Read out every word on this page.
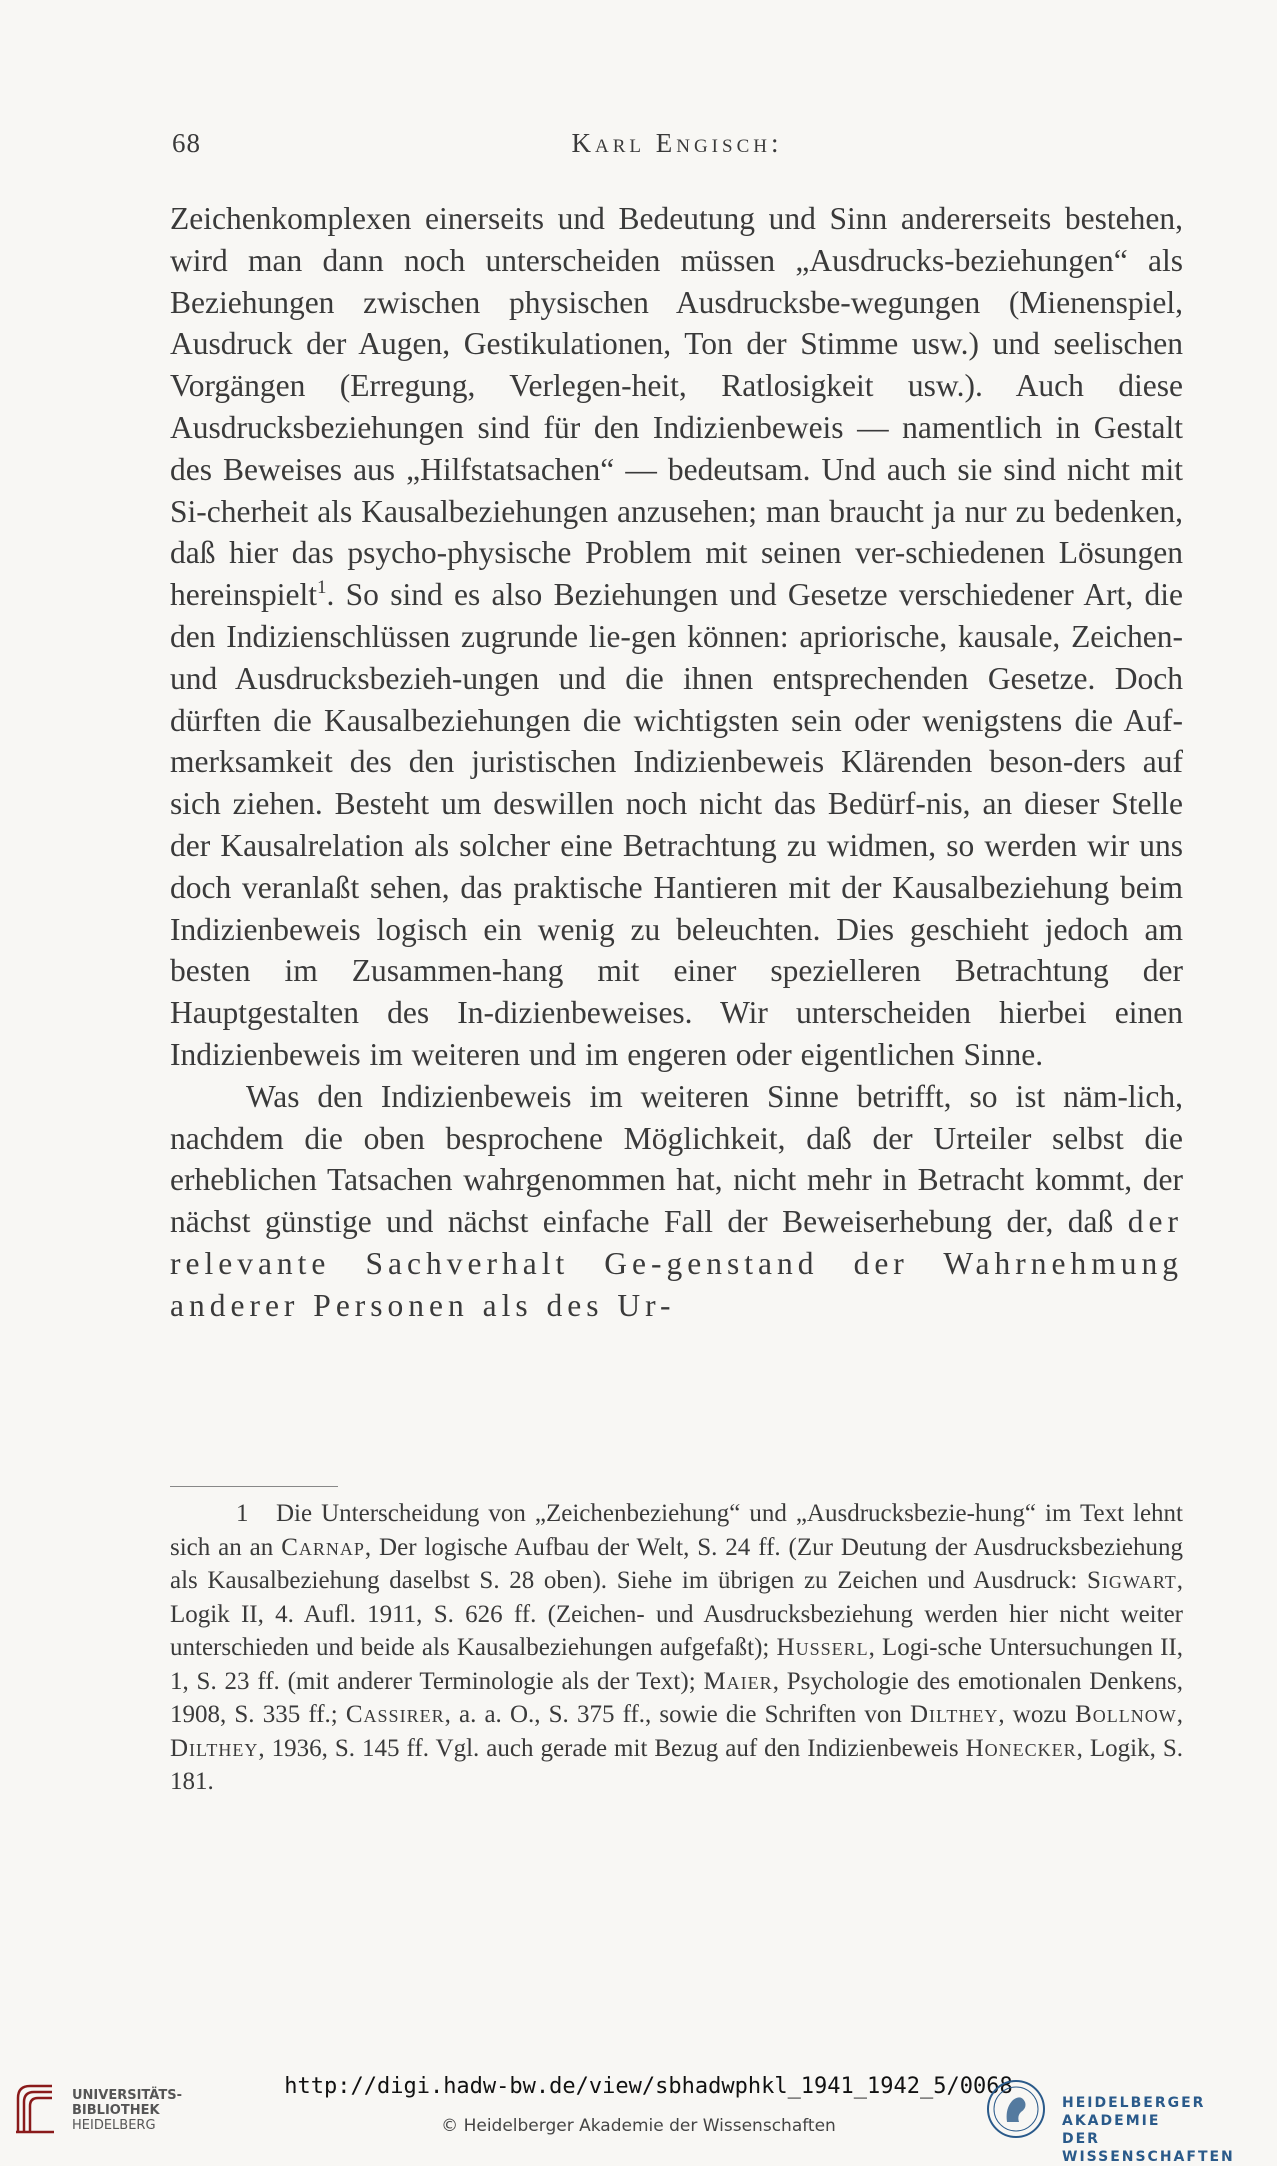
68	Karl Engisch:

Zeichenkomplexen einerseits und Bedeutung und Sinn andererseits bestehen, wird man dann noch unterscheiden müssen „Ausdrucks-beziehungen“ als Beziehungen zwischen physischen Ausdrucksbe-wegungen (Mienenspiel, Ausdruck der Augen, Gestikulationen, Ton der Stimme usw.) und seelischen Vorgängen (Erregung, Verlegen-heit, Ratlosigkeit usw.). Auch diese Ausdrucksbeziehungen sind für den Indizienbeweis — namentlich in Gestalt des Beweises aus „Hilfstatsachen“ — bedeutsam. Und auch sie sind nicht mit Si-cherheit als Kausalbeziehungen anzusehen; man braucht ja nur zu bedenken, daß hier das psycho-physische Problem mit seinen ver-schiedenen Lösungen hereinspielt$^1$. So sind es also Beziehungen und Gesetze verschiedener Art, die den Indizienschlüssen zugrunde lie-gen können: apriorische, kausale, Zeichen- und Ausdrucksbezieh-ungen und die ihnen entsprechenden Gesetze. Doch dürften die Kausalbeziehungen die wichtigsten sein oder wenigstens die Auf-merksamkeit des den juristischen Indizienbeweis Klärenden beson-ders auf sich ziehen. Besteht um deswillen noch nicht das Bedürf-nis, an dieser Stelle der Kausalrelation als solcher eine Betrachtung zu widmen, so werden wir uns doch veranlaßt sehen, das praktische Hantieren mit der Kausalbeziehung beim Indizienbeweis logisch ein wenig zu beleuchten. Dies geschieht jedoch am besten im Zusammen-hang mit einer spezielleren Betrachtung der Hauptgestalten des In-dizienbeweises. Wir unterscheiden hierbei einen Indizienbeweis im weiteren und im engeren oder eigentlichen Sinne.

Was den Indizienbeweis im weiteren Sinne betrifft, so ist näm-lich, nachdem die oben besprochene Möglichkeit, daß der Urteiler selbst die erheblichen Tatsachen wahrgenommen hat, nicht mehr in Betracht kommt, der nächst günstige und nächst einfache Fall der Beweiserhebung der, daß der relevante Sachverhalt Ge-genstand der Wahrnehmung anderer Personen als des Ur-

1 Die Unterscheidung von „Zeichenbeziehung“ und „Ausdrucksbezie-hung“ im Text lehnt sich an an Carnap, Der logische Aufbau der Welt, S. 24 ff. (Zur Deutung der Ausdrucksbeziehung als Kausalbeziehung daselbst S. 28 oben). Siehe im übrigen zu Zeichen und Ausdruck: Sigwart, Logik II, 4. Aufl. 1911, S. 626 ff. (Zeichen- und Ausdrucksbeziehung werden hier nicht weiter unterschieden und beide als Kausalbeziehungen aufgefaßt); Husserl, Logi-sche Untersuchungen II, 1, S. 23 ff. (mit anderer Terminologie als der Text); Maier, Psychologie des emotionalen Denkens, 1908, S. 335 ff.; Cassirer, a. a. O., S. 375 ff., sowie die Schriften von Dilthey, wozu Bollnow, Dilthey, 1936, S. 145 ff. Vgl. auch gerade mit Bezug auf den Indizienbeweis Honecker, Logik, S. 181.

UNIVERSITÄTS-
BIBLIOTHEK
HEIDELBERG
http://digi.hadw-bw.de/view/sbhadwphkl_1941_1942_5/0068
© Heidelberger Akademie der Wissenschaften
HEIDELBERGER AKADEMIE
DER WISSENSCHAFTEN
